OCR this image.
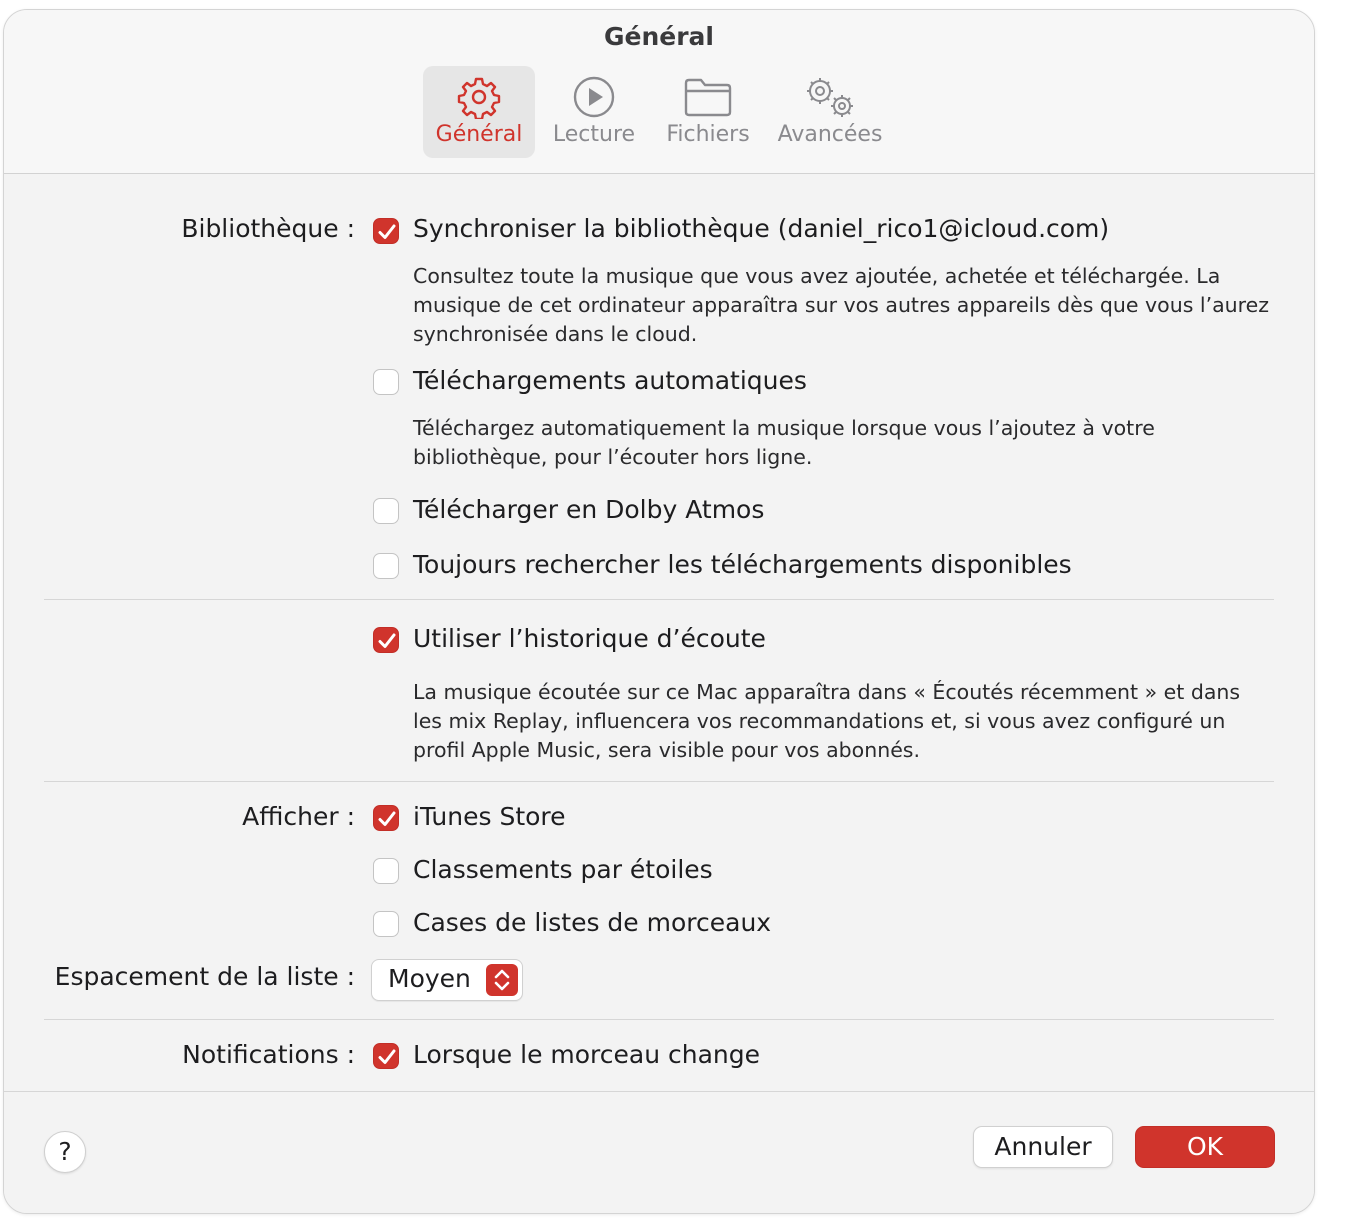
Général
Général Lecture Fichiers Avancées
Bibliothèque : Synchroniser la bibliothèque (daniel_rico1@icloud.com)
Consultez toute la musique que vous avez ajoutée, achetée et téléchargée. La musique de cet ordinateur apparaîtra sur vos autres appareils dès que vous l’aurez synchronisée dans le cloud.
Téléchargements automatiques
Téléchargez automatiquement la musique lorsque vous l’ajoutez à votre bibliothèque, pour l’écouter hors ligne.
Télécharger en Dolby Atmos
Toujours rechercher les téléchargements disponibles
Utiliser l’historique d’écoute
La musique écoutée sur ce Mac apparaîtra dans « Écoutés récemment » et dans les mix Replay, influencera vos recommandations et, si vous avez configuré un profil Apple Music, sera visible pour vos abonnés.
Afficher : iTunes Store
Classements par étoiles
Cases de listes de morceaux
Espacement de la liste : Moyen
Notifications : Lorsque le morceau change
?	Annuler	OK
